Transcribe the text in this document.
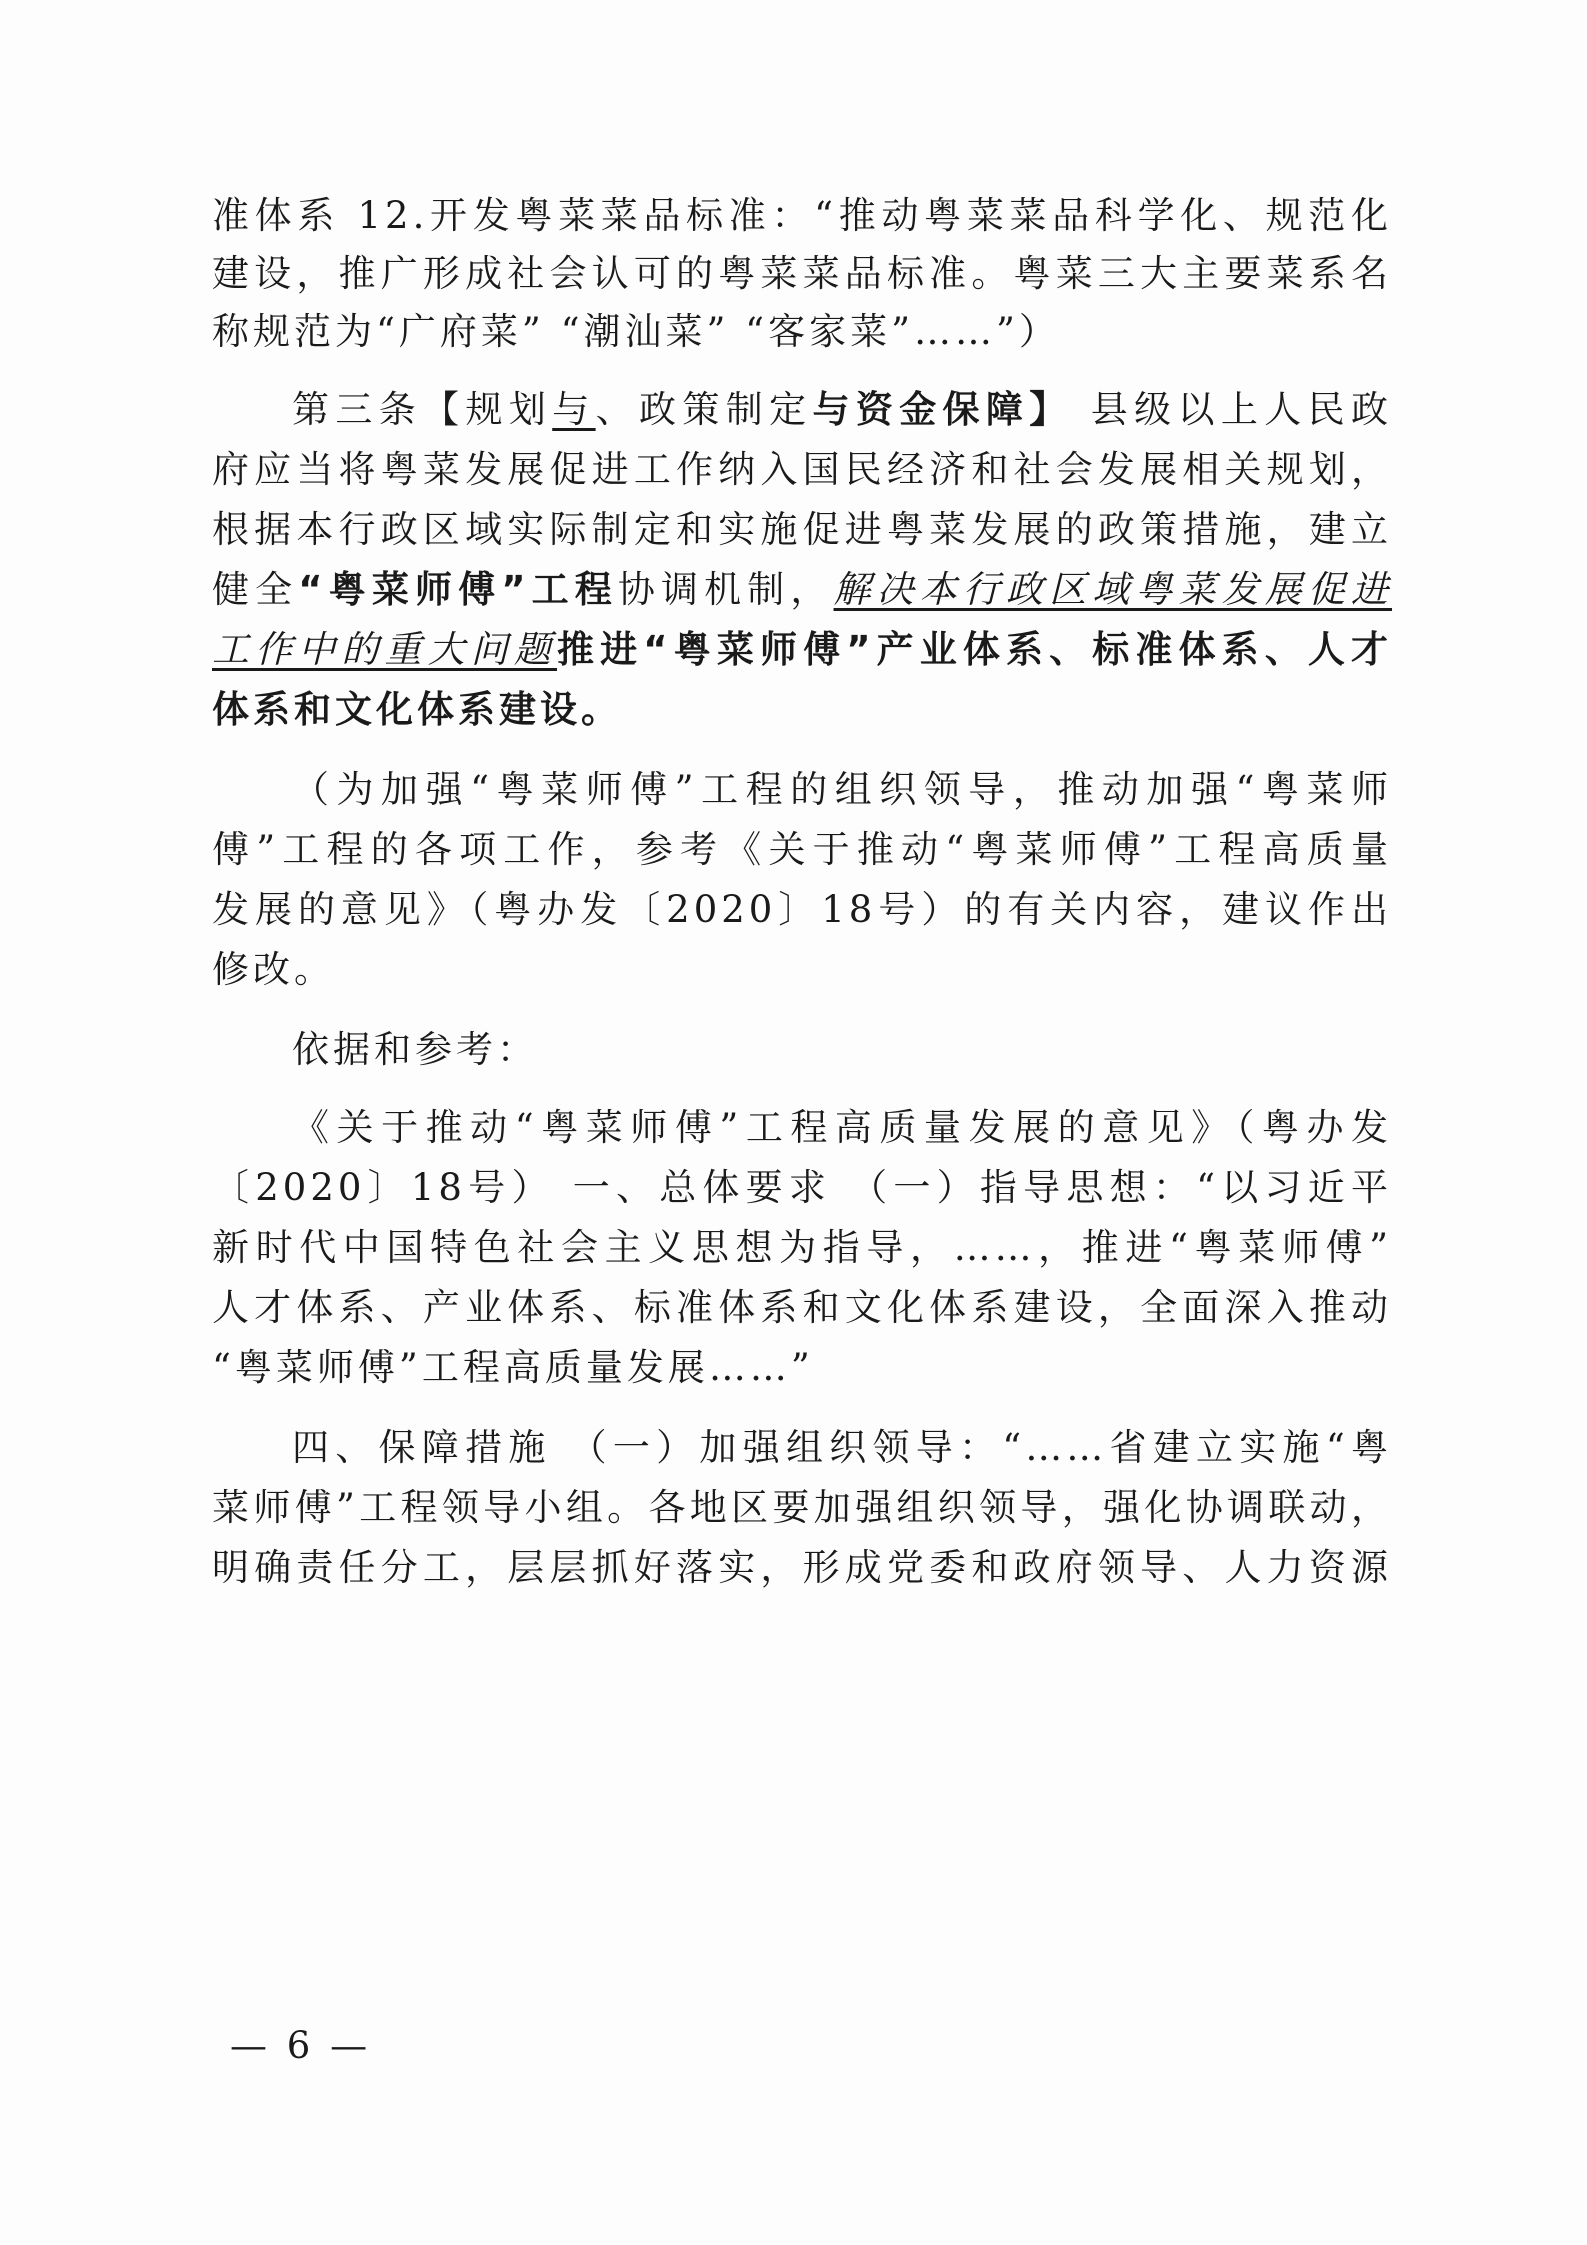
准体系 12.开发粤菜菜品标准：“推动粤菜菜品科学化、规范化
建设，推广形成社会认可的粤菜菜品标准。粤菜三大主要菜系名
称规范为“广府菜” “潮汕菜” “客家菜”……”）
第三条【规划与、政策制定与资金保障】 县级以上人民政
府应当将粤菜发展促进工作纳入国民经济和社会发展相关规划，
根据本行政区域实际制定和实施促进粤菜发展的政策措施，建立
健全“粤菜师傅”工程协调机制，解决本行政区域粤菜发展促进
工作中的重大问题推进“粤菜师傅”产业体系、标准体系、人才
体系和文化体系建设。
（为加强“粤菜师傅”工程的组织领导，推动加强“粤菜师
傅”工程的各项工作，参考《关于推动“粤菜师傅”工程高质量
发展的意见》（粤办发〔2020〕18号）的有关内容，建议作出
修改。
依据和参考：
《关于推动“粤菜师傅”工程高质量发展的意见》（粤办发
〔2020〕18号） 一、总体要求 （一）指导思想：“以习近平
新时代中国特色社会主义思想为指导，……，推进“粤菜师傅”
人才体系、产业体系、标准体系和文化体系建设，全面深入推动
“粤菜师傅”工程高质量发展……”
四、保障措施 （一）加强组织领导：“……省建立实施“粤
菜师傅”工程领导小组。各地区要加强组织领导，强化协调联动，
明确责任分工，层层抓好落实，形成党委和政府领导、人力资源
— 6 —
